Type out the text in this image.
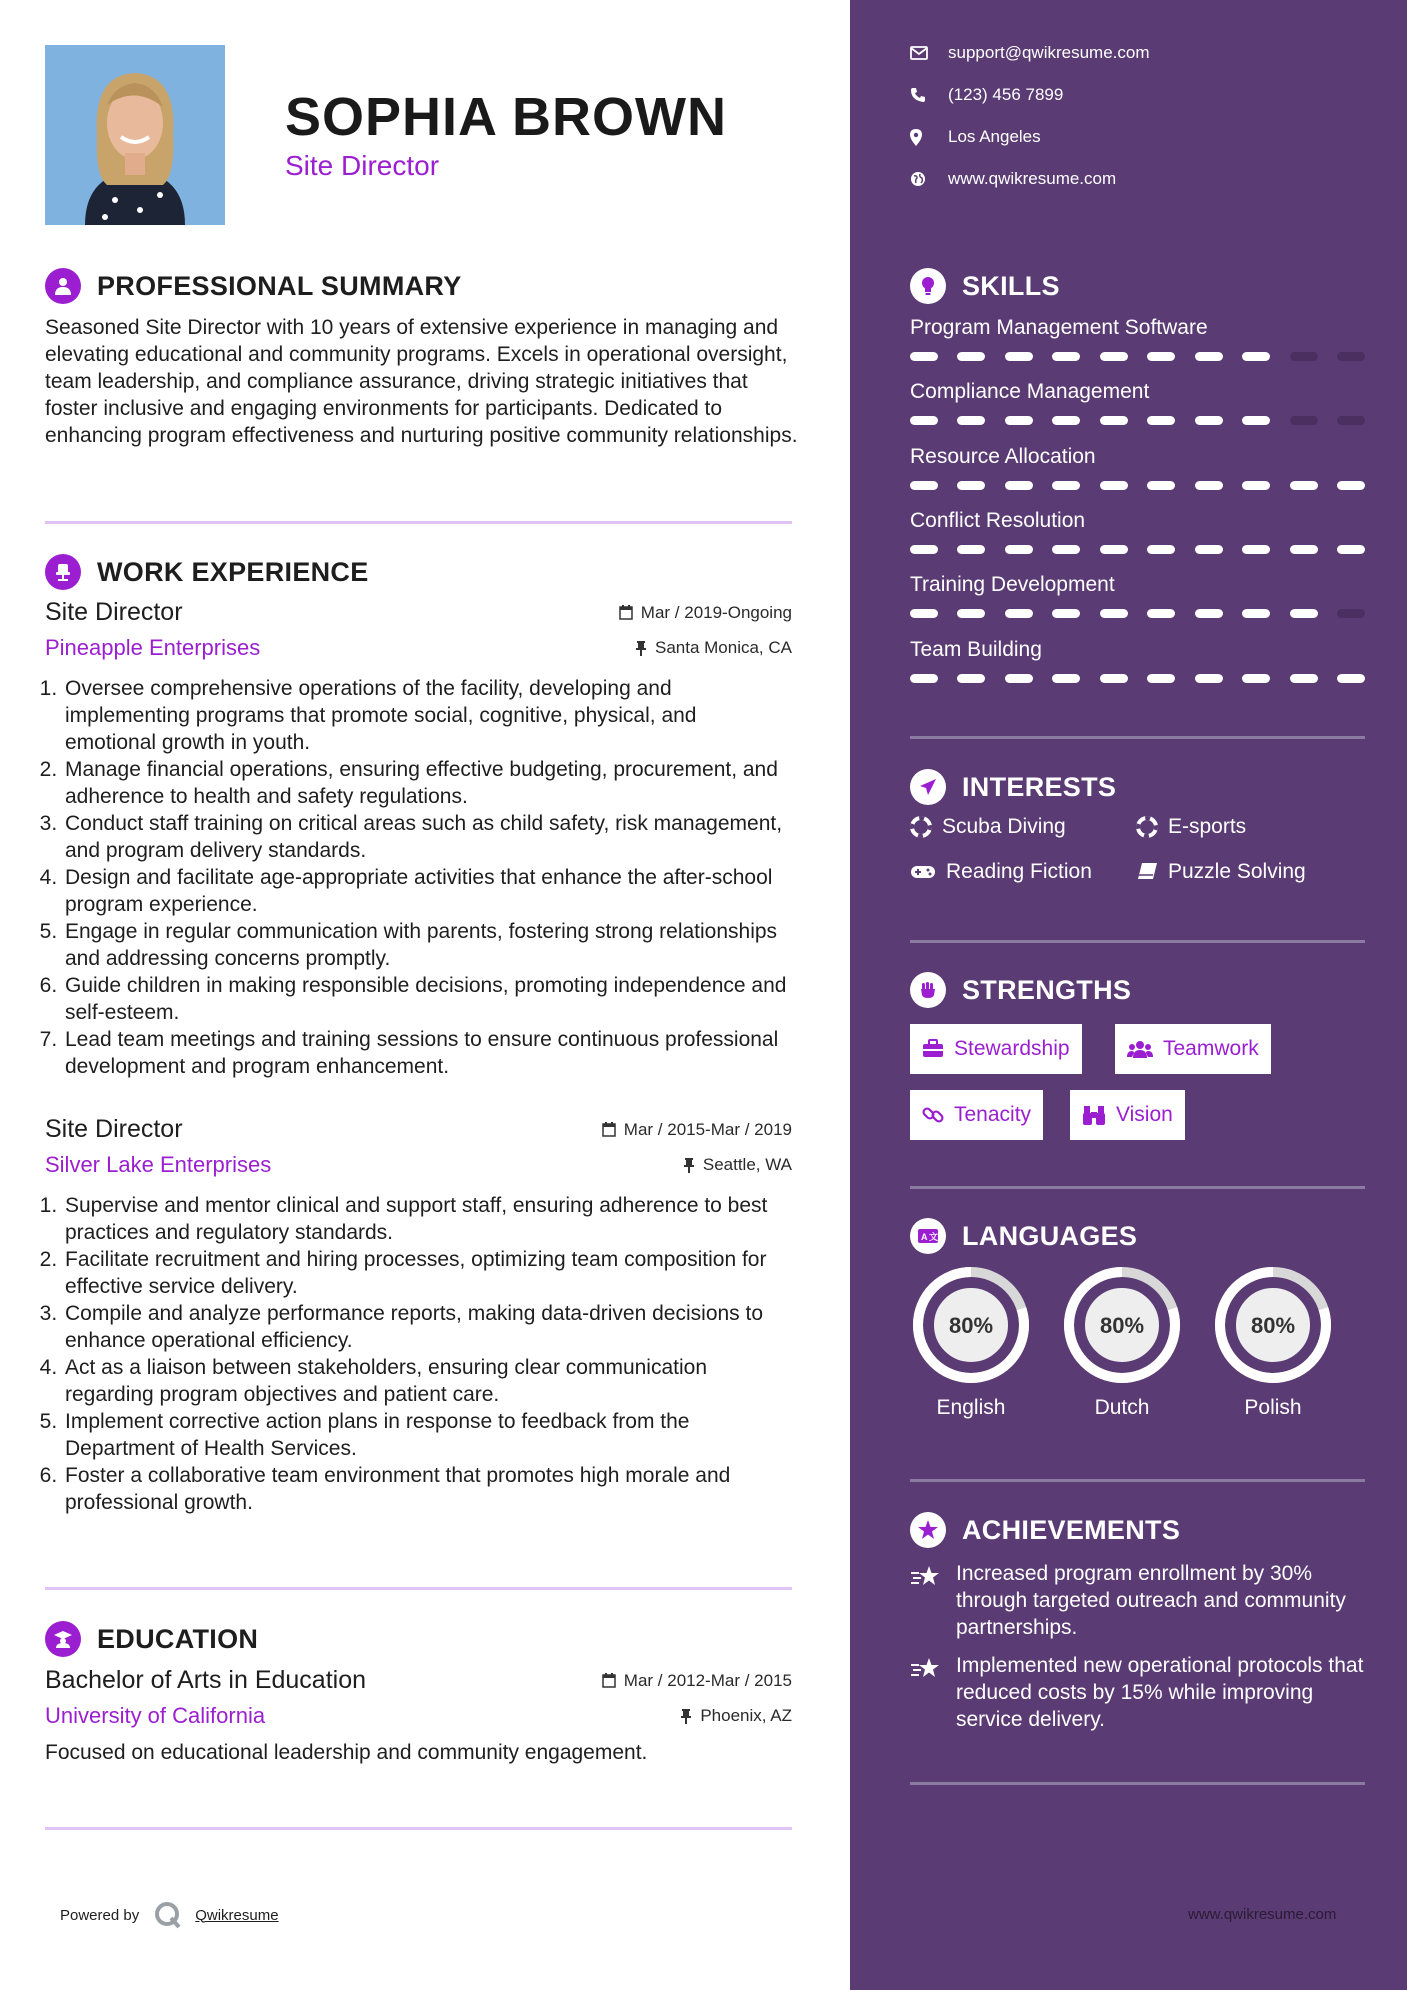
SOPHIA BROWN
Site Director
PROFESSIONAL SUMMARY
Seasoned Site Director with 10 years of extensive experience in managing and elevating educational and community programs. Excels in operational oversight, team leadership, and compliance assurance, driving strategic initiatives that foster inclusive and engaging environments for participants. Dedicated to enhancing program effectiveness and nurturing positive community relationships.
WORK EXPERIENCE
Site Director	Mar / 2019-Ongoing
Pineapple Enterprises	Santa Monica, CA
1. Oversee comprehensive operations of the facility, developing and implementing programs that promote social, cognitive, physical, and emotional growth in youth.
2. Manage financial operations, ensuring effective budgeting, procurement, and adherence to health and safety regulations.
3. Conduct staff training on critical areas such as child safety, risk management, and program delivery standards.
4. Design and facilitate age-appropriate activities that enhance the after-school program experience.
5. Engage in regular communication with parents, fostering strong relationships and addressing concerns promptly.
6. Guide children in making responsible decisions, promoting independence and self-esteem.
7. Lead team meetings and training sessions to ensure continuous professional development and program enhancement.
Site Director	Mar / 2015-Mar / 2019
Silver Lake Enterprises	Seattle, WA
1. Supervise and mentor clinical and support staff, ensuring adherence to best practices and regulatory standards.
2. Facilitate recruitment and hiring processes, optimizing team composition for effective service delivery.
3. Compile and analyze performance reports, making data-driven decisions to enhance operational efficiency.
4. Act as a liaison between stakeholders, ensuring clear communication regarding program objectives and patient care.
5. Implement corrective action plans in response to feedback from the Department of Health Services.
6. Foster a collaborative team environment that promotes high morale and professional growth.
EDUCATION
Bachelor of Arts in Education	Mar / 2012-Mar / 2015
University of California	Phoenix, AZ
Focused on educational leadership and community engagement.
Powered by	Qwikresume
support@qwikresume.com
(123) 456 7899
Los Angeles
www.qwikresume.com
SKILLS
Program Management Software
Compliance Management
Resource Allocation
Conflict Resolution
Training Development
Team Building
INTERESTS
Scuba Diving	E-sports
Reading Fiction	Puzzle Solving
STRENGTHS
Stewardship	Teamwork
Tenacity	Vision
A 文 LANGUAGES
80%
English
80%
Dutch
80%
Polish
ACHIEVEMENTS
Increased program enrollment by 30% through targeted outreach and community partnerships.
Implemented new operational protocols that reduced costs by 15% while improving service delivery.
www.qwikresume.com
